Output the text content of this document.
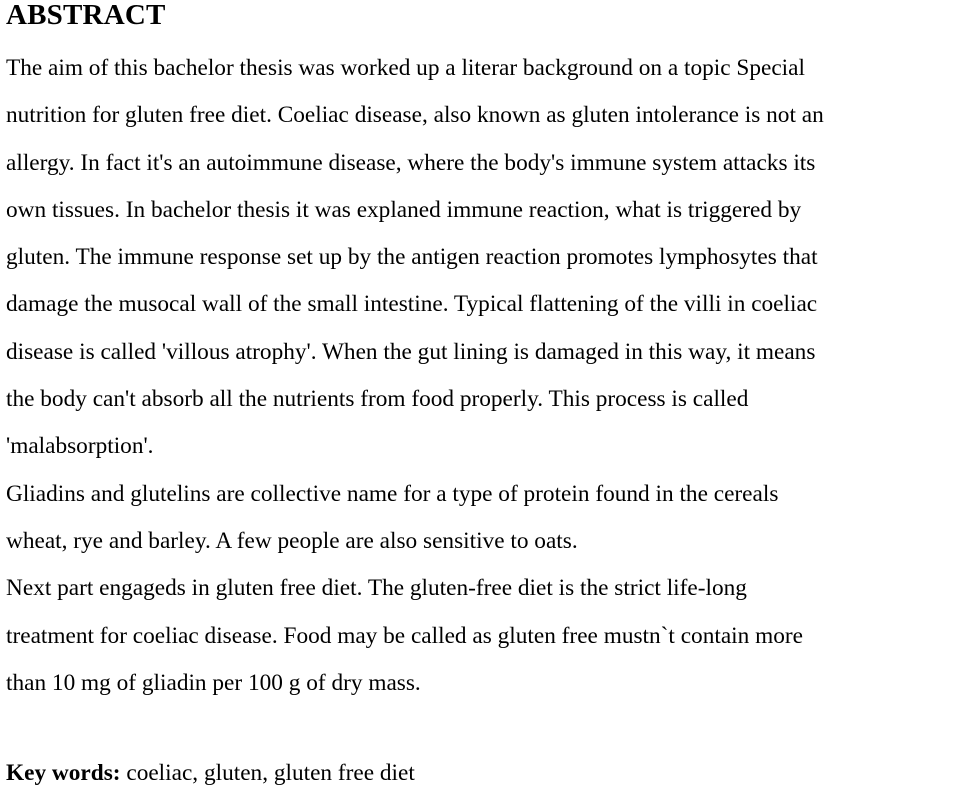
ABSTRACT
The aim of this bachelor thesis was worked up a literar background on a topic Special
nutrition for gluten free diet. Coeliac disease, also known as gluten intolerance is not an
allergy. In fact it's an autoimmune disease, where the body's immune system attacks its
own tissues. In bachelor thesis it was explaned immune reaction, what is triggered by
gluten. The immune response set up by the antigen reaction promotes lymphosytes that
damage the musocal wall of the small intestine. Typical flattening of the villi in coeliac
disease is called 'villous atrophy'. When the gut lining is damaged in this way, it means
the body can't absorb all the nutrients from food properly. This process is called
'malabsorption'.
Gliadins and glutelins are collective name for a type of protein found in the cereals
wheat, rye and barley. A few people are also sensitive to oats.
Next part engageds in gluten free diet. The gluten-free diet is the strict life-long
treatment for coeliac disease. Food may be called as gluten free mustn`t contain more
than 10 mg of gliadin per 100 g of dry mass.
Key words: coeliac, gluten, gluten free diet
